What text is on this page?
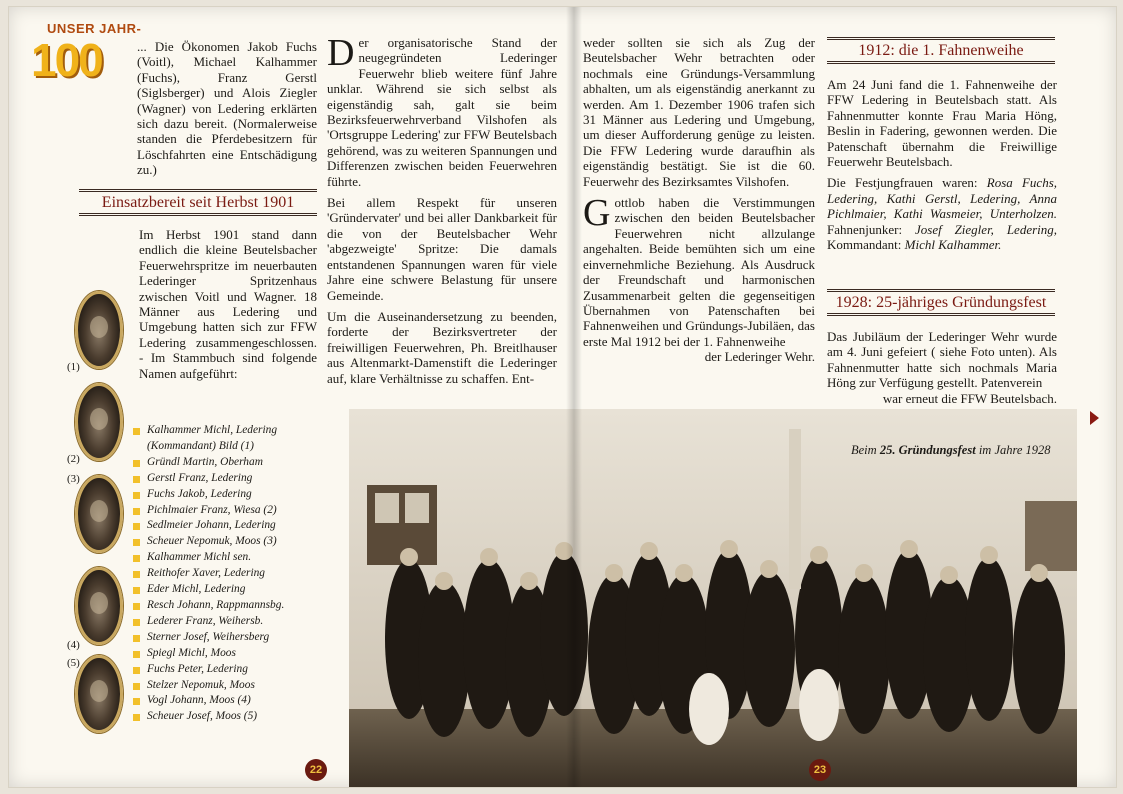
UNSER JAHR-
100	... Die Ökonomen Jakob Fuchs (Voitl), Michael Kalhammer (Fuchs), Franz Gerstl (Siglsberger) und Alois Ziegler (Wagner) von Ledering erklärten sich dazu bereit. (Normalerweise standen die Pferdebesitzern für Löschfahrten eine Entschädigung zu.)
Einsatzbereit seit Herbst 1901
Im Herbst 1901 stand dann endlich die kleine Beutelsbacher Feuerwehrspritze im neuerbauten Lederinger Spritzenhaus zwischen Voitl und Wagner. 18 Männer aus Ledering und Umgebung hatten sich zur FFW Ledering zusammengeschlossen. - Im Stammbuch sind folgende Namen aufgeführt:
(1)
(2)
(3)
(4)
(5)
Kalhammer Michl, Ledering (Kommandant) Bild (1)
Gründl Martin, Oberham
Gerstl Franz, Ledering
Fuchs Jakob, Ledering
Pichlmaier Franz, Wiesa (2)
Sedlmeier Johann, Ledering
Scheuer Nepomuk, Moos (3)
Kalhammer Michl sen.
Reithofer Xaver, Ledering
Eder Michl, Ledering
Resch Johann, Rappmannsbg.
Lederer Franz, Weihersb.
Sterner Josef, Weihersberg
Spiegl Michl, Moos
Fuchs Peter, Ledering
Stelzer Nepomuk, Moos
Vogl Johann, Moos (4)
Scheuer Josef, Moos (5)

Der organisatorische Stand der neugegründeten Lederinger Feuerwehr blieb weitere fünf Jahre unklar. Während sie sich selbst als eigenständig sah, galt sie beim Bezirksfeuerwehrverband Vilshofen als 'Ortsgruppe Ledering' zur FFW Beutelsbach gehörend, was zu weiteren Spannungen und Differenzen zwischen beiden Feuerwehren führte.

Bei allem Respekt für unseren 'Gründervater' und bei aller Dankbarkeit für die von der Beutelsbacher Wehr 'abgezweigte' Spritze: Die damals entstandenen Spannungen waren für viele Jahre eine schwere Belastung für unsere Gemeinde.

Um die Auseinandersetzung zu beenden, forderte der Bezirksvertreter der freiwilligen Feuerwehren, Ph. Breitlhauser aus Altenmarkt-Damenstift die Lederinger auf, klare Verhältnisse zu schaffen. Ent-

weder sollten sie sich als Zug der Beutelsbacher Wehr betrachten oder nochmals eine Gründungs-Versammlung abhalten, um als eigenständig anerkannt zu werden. Am 1. Dezember 1906 trafen sich 31 Männer aus Ledering und Umgebung, um dieser Aufforderung genüge zu leisten. Die FFW Ledering wurde daraufhin als eigenständig bestätigt. Sie ist die 60. Feuerwehr des Bezirksamtes Vilshofen.

Gottlob haben die Verstimmungen zwischen den beiden Beutelsbacher Feuerwehren nicht allzulange angehalten. Beide bemühten sich um eine einvernehmliche Beziehung. Als Ausdruck der Freundschaft und harmonischen Zusammenarbeit gelten die gegenseitigen Übernahmen von Patenschaften bei Fahnenweihen und Gründungs-Jubiläen, das erste Mal 1912 bei der 1. Fahnenweihe

der Lederinger Wehr.
1912: die 1. Fahnenweihe

Am 24 Juni fand die 1. Fahnenweihe der FFW Ledering in Beutelsbach statt. Als Fahnenmutter konnte Frau Maria Höng, Beslin in Fadering, gewonnen werden. Die Patenschaft übernahm die Freiwillige Feuerwehr Beutelsbach.

Die Festjungfrauen waren: Rosa Fuchs, Ledering, Kathi Gerstl, Ledering, Anna Pichlmaier, Kathi Wasmeier, Unterholzen. Fahnenjunker: Josef Ziegler, Ledering, Kommandant: Michl Kalhammer.

1928: 25-jähriges Gründungsfest
Das Jubiläum der Lederinger Wehr wurde am 4. Juni gefeiert ( siehe Foto unten). Als Fahnenmutter hatte sich nochmals Maria Höng zur Verfügung gestellt. Patenverein
war erneut die FFW Beutelsbach.
Beim 25. Gründungsfest im Jahre 1928
22	23
